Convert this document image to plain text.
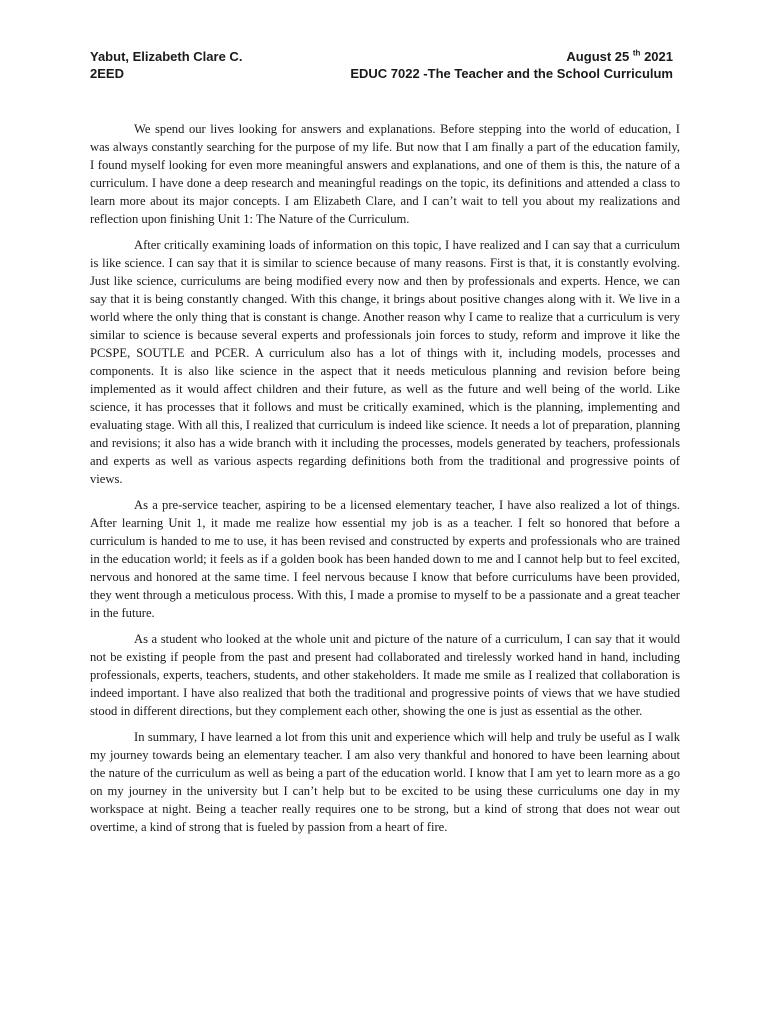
Yabut, Elizabeth Clare C.
2EED
August 25 $^{th}$ 2021
EDUC 7022 -The Teacher and the School Curriculum

We spend our lives looking for answers and explanations. Before stepping into the world of education, I was always constantly searching for the purpose of my life. But now that I am finally a part of the education family, I found myself looking for even more meaningful answers and explanations, and one of them is this, the nature of a curriculum. I have done a deep research and meaningful readings on the topic, its definitions and attended a class to learn more about its major concepts. I am Elizabeth Clare, and I can’t wait to tell you about my realizations and reflection upon finishing Unit 1: The Nature of the Curriculum.

After critically examining loads of information on this topic, I have realized and I can say that a curriculum is like science. I can say that it is similar to science because of many reasons. First is that, it is constantly evolving. Just like science, curriculums are being modified every now and then by professionals and experts. Hence, we can say that it is being constantly changed. With this change, it brings about positive changes along with it. We live in a world where the only thing that is constant is change. Another reason why I came to realize that a curriculum is very similar to science is because several experts and professionals join forces to study, reform and improve it like the PCSPE, SOUTLE and PCER. A curriculum also has a lot of things with it, including models, processes and components. It is also like science in the aspect that it needs meticulous planning and revision before being implemented as it would affect children and their future, as well as the future and well being of the world. Like science, it has processes that it follows and must be critically examined, which is the planning, implementing and evaluating stage. With all this, I realized that curriculum is indeed like science. It needs a lot of preparation, planning and revisions; it also has a wide branch with it including the processes, models generated by teachers, professionals and experts as well as various aspects regarding definitions both from the traditional and progressive points of views.

As a pre-service teacher, aspiring to be a licensed elementary teacher, I have also realized a lot of things. After learning Unit 1, it made me realize how essential my job is as a teacher. I felt so honored that before a curriculum is handed to me to use, it has been revised and constructed by experts and professionals who are trained in the education world; it feels as if a golden book has been handed down to me and I cannot help but to feel excited, nervous and honored at the same time. I feel nervous because I know that before curriculums have been provided, they went through a meticulous process. With this, I made a promise to myself to be a passionate and a great teacher in the future.

As a student who looked at the whole unit and picture of the nature of a curriculum, I can say that it would not be existing if people from the past and present had collaborated and tirelessly worked hand in hand, including professionals, experts, teachers, students, and other stakeholders. It made me smile as I realized that collaboration is indeed important. I have also realized that both the traditional and progressive points of views that we have studied stood in different directions, but they complement each other, showing the one is just as essential as the other.

In summary, I have learned a lot from this unit and experience which will help and truly be useful as I walk my journey towards being an elementary teacher. I am also very thankful and honored to have been learning about the nature of the curriculum as well as being a part of the education world. I know that I am yet to learn more as a go on my journey in the university but I can’t help but to be excited to be using these curriculums one day in my workspace at night. Being a teacher really requires one to be strong, but a kind of strong that does not wear out overtime, a kind of strong that is fueled by passion from a heart of fire.
